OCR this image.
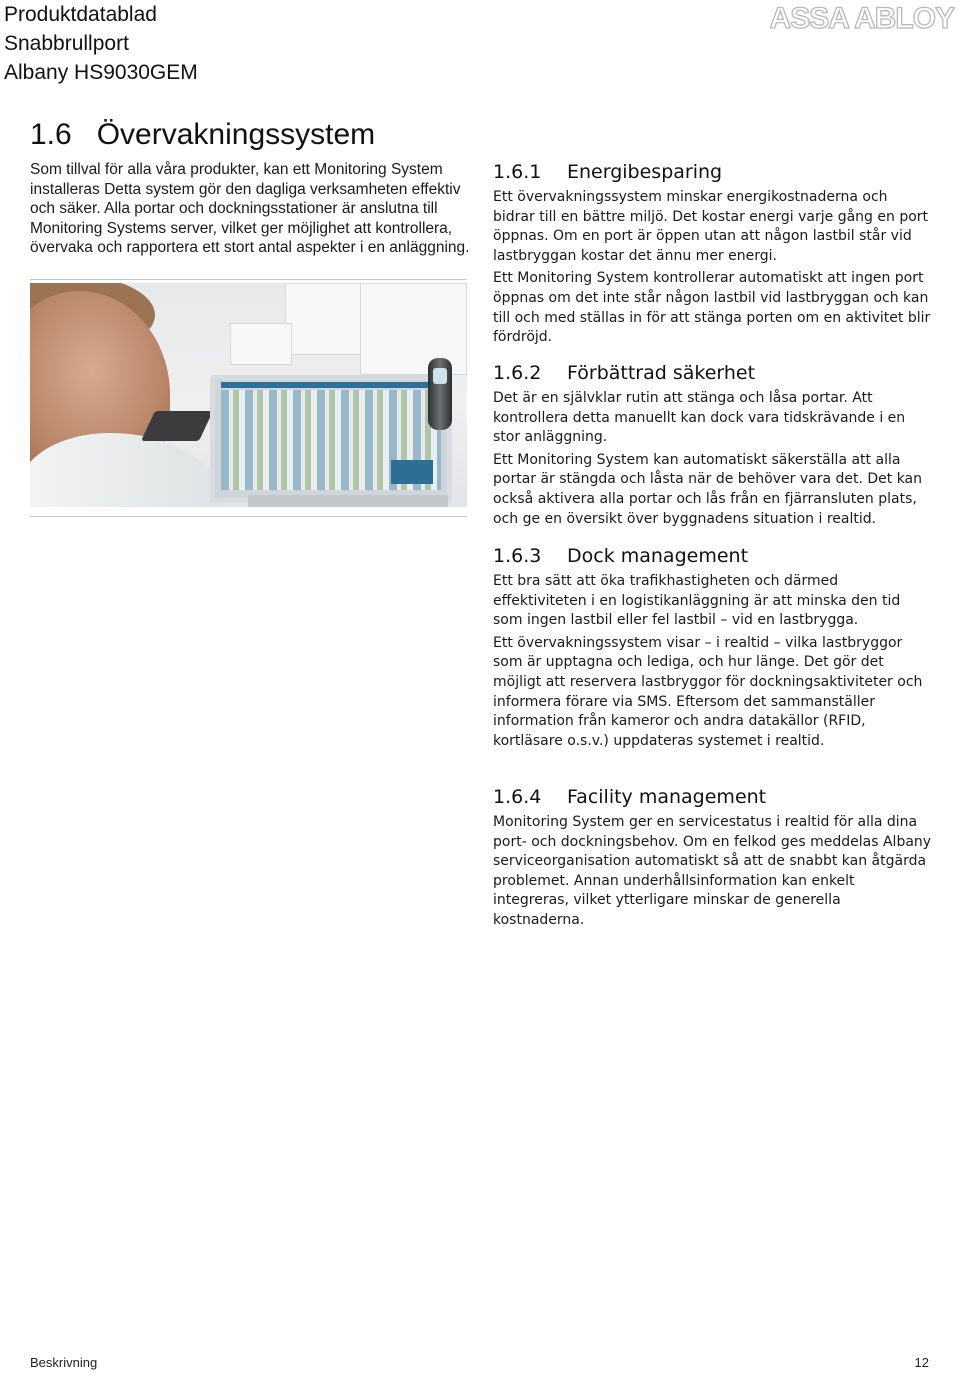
Produktdatablad
Snabbrullport
Albany HS9030GEM
ASSA ABLOY
1.6   Övervakningssystem
Som tillval för alla våra produkter, kan ett Monitoring System installeras Detta system gör den dagliga verksamheten effektiv och säker. Alla portar och dockningsstationer är anslutna till Monitoring Systems server, vilket ger möjlighet att kontrollera, övervaka och rapportera ett stort antal aspekter i en anläggning.
1.6.1 Energibesparing

Ett övervakningssystem minskar energikostnaderna och bidrar till en bättre miljö. Det kostar energi varje gång en port öppnas. Om en port är öppen utan att någon lastbil står vid lastbryggan kostar det ännu mer energi.

Ett Monitoring System kontrollerar automatiskt att ingen port öppnas om det inte står någon lastbil vid lastbryggan och kan till och med ställas in för att stänga porten om en aktivitet blir fördröjd.

1.6.2 Förbättrad säkerhet

Det är en självklar rutin att stänga och låsa portar. Att kontrollera detta manuellt kan dock vara tidskrävande i en stor anläggning.

Ett Monitoring System kan automatiskt säkerställa att alla portar är stängda och låsta när de behöver vara det. Det kan också aktivera alla portar och lås från en fjärransluten plats, och ge en översikt över byggnadens situation i realtid.

1.6.3 Dock management

Ett bra sätt att öka trafikhastigheten och därmed effektiviteten i en logistikanläggning är att minska den tid som ingen lastbil eller fel lastbil – vid en lastbrygga.

Ett övervakningssystem visar – i realtid – vilka lastbryggor som är upptagna och lediga, och hur länge. Det gör det möjligt att reservera lastbryggor för dockningsaktiviteter och informera förare via SMS. Eftersom det sammanställer information från kameror och andra datakällor (RFID, kortläsare o.s.v.) uppdateras systemet i realtid.

1.6.4 Facility management

Monitoring System ger en servicestatus i realtid för alla dina port- och dockningsbehov. Om en felkod ges meddelas Albany serviceorganisation automatiskt så att de snabbt kan åtgärda problemet. Annan underhållsinformation kan enkelt integreras, vilket ytterligare minskar de generella kostnaderna.

Beskrivning	12
